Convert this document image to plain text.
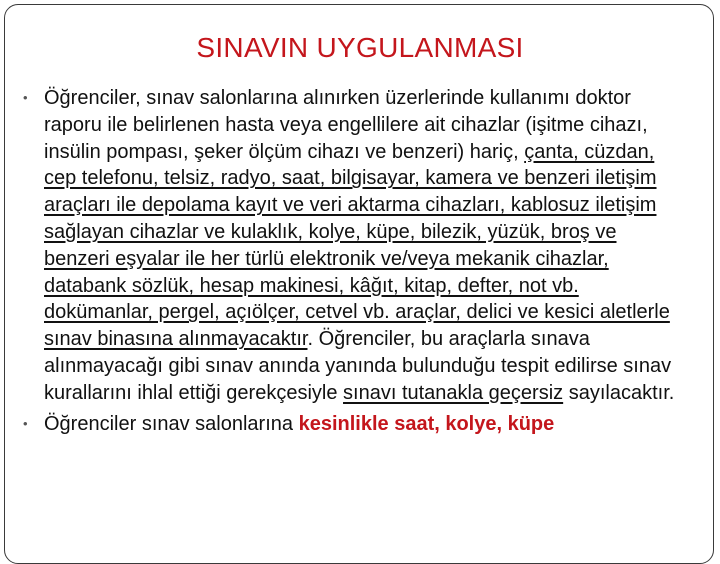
SINAVIN UYGULANMASI
• Öğrenciler, sınav salonlarına alınırken üzerlerinde kullanımı doktor raporu ile belirlenen hasta veya engellilere ait cihazlar (işitme cihazı, insülin pompası, şeker ölçüm cihazı ve benzeri) hariç, çanta, cüzdan, cep telefonu, telsiz, radyo, saat, bilgisayar, kamera ve benzeri iletişim araçları ile depolama kayıt ve veri aktarma cihazları, kablosuz iletişim sağlayan cihazlar ve kulaklık, kolye, küpe, bilezik, yüzük, broş ve benzeri eşyalar ile her türlü elektronik ve/veya mekanik cihazlar, databank sözlük, hesap makinesi, kâğıt, kitap, defter, not vb. dokümanlar, pergel, açıölçer, cetvel vb. araçlar, delici ve kesici aletlerle sınav binasına alınmayacaktır. Öğrenciler, bu araçlarla sınava alınmayacağı gibi sınav anında yanında bulunduğu tespit edilirse sınav kurallarını ihlal ettiği gerekçesiyle sınavı tutanakla geçersiz sayılacaktır.
• Öğrenciler sınav salonlarına kesinlikle saat, kolye, küpe
